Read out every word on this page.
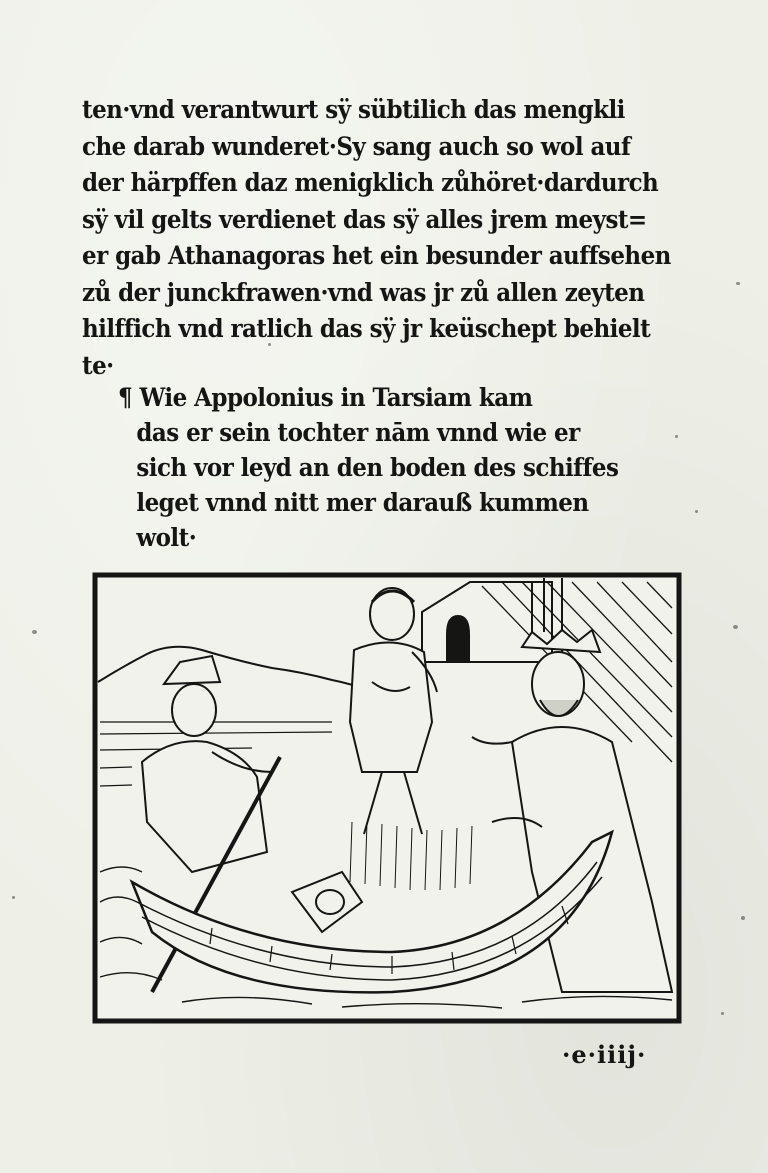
ten·vnd verantwurt sÿ sübtilich das mengkli
che darab wunderet·Sy sang auch so wol auf
der härpffen daz menigklich zůhöret·dardurch
sÿ vil gelts verdienet das sÿ alles jrem meyst=
er gab Athanagoras het ein besunder auffsehen
zů der junckfrawen·vnd was jr zů allen zeyten
hilffich vnd ratlich das sÿ jr keüschept behielt
te·
¶ Wie Appolonius in Tarsiam kam
das er sein tochter nām vnnd wie er
sich vor leyd an den boden des schiffes
leget vnnd nitt mer darauß kummen
wolt·
·e·iiij·
